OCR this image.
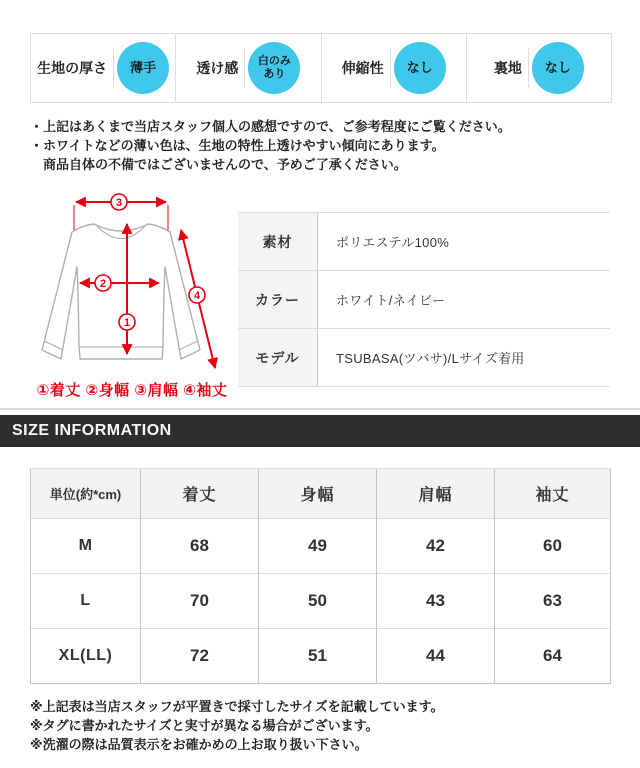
生地の厚さ 薄手	透け感 白のみあり	伸縮性 なし	裏地 なし
・上記はあくまで当店スタッフ個人の感想ですので、ご参考程度にご覧ください。
・ホワイトなどの薄い色は、生地の特性上透けやすい傾向にあります。
商品自体の不備ではございませんので、予めご了承ください。
3
2
1
4
①着丈 ②身幅 ③肩幅 ④袖丈
素材	ポリエステル100%
カラー	ホワイト/ネイビー
モデル	TSUBASA(ツバサ)/Lサイズ着用
SIZE INFORMATION
単位(約*cm)	着丈	身幅	肩幅	袖丈
M	68	49	42	60
L	70	50	43	63
XL(LL)	72	51	44	64
※上記表は当店スタッフが平置きで採寸したサイズを記載しています。
※タグに書かれたサイズと実寸が異なる場合がございます。
※洗濯の際は品質表示をお確かめの上お取り扱い下さい。
